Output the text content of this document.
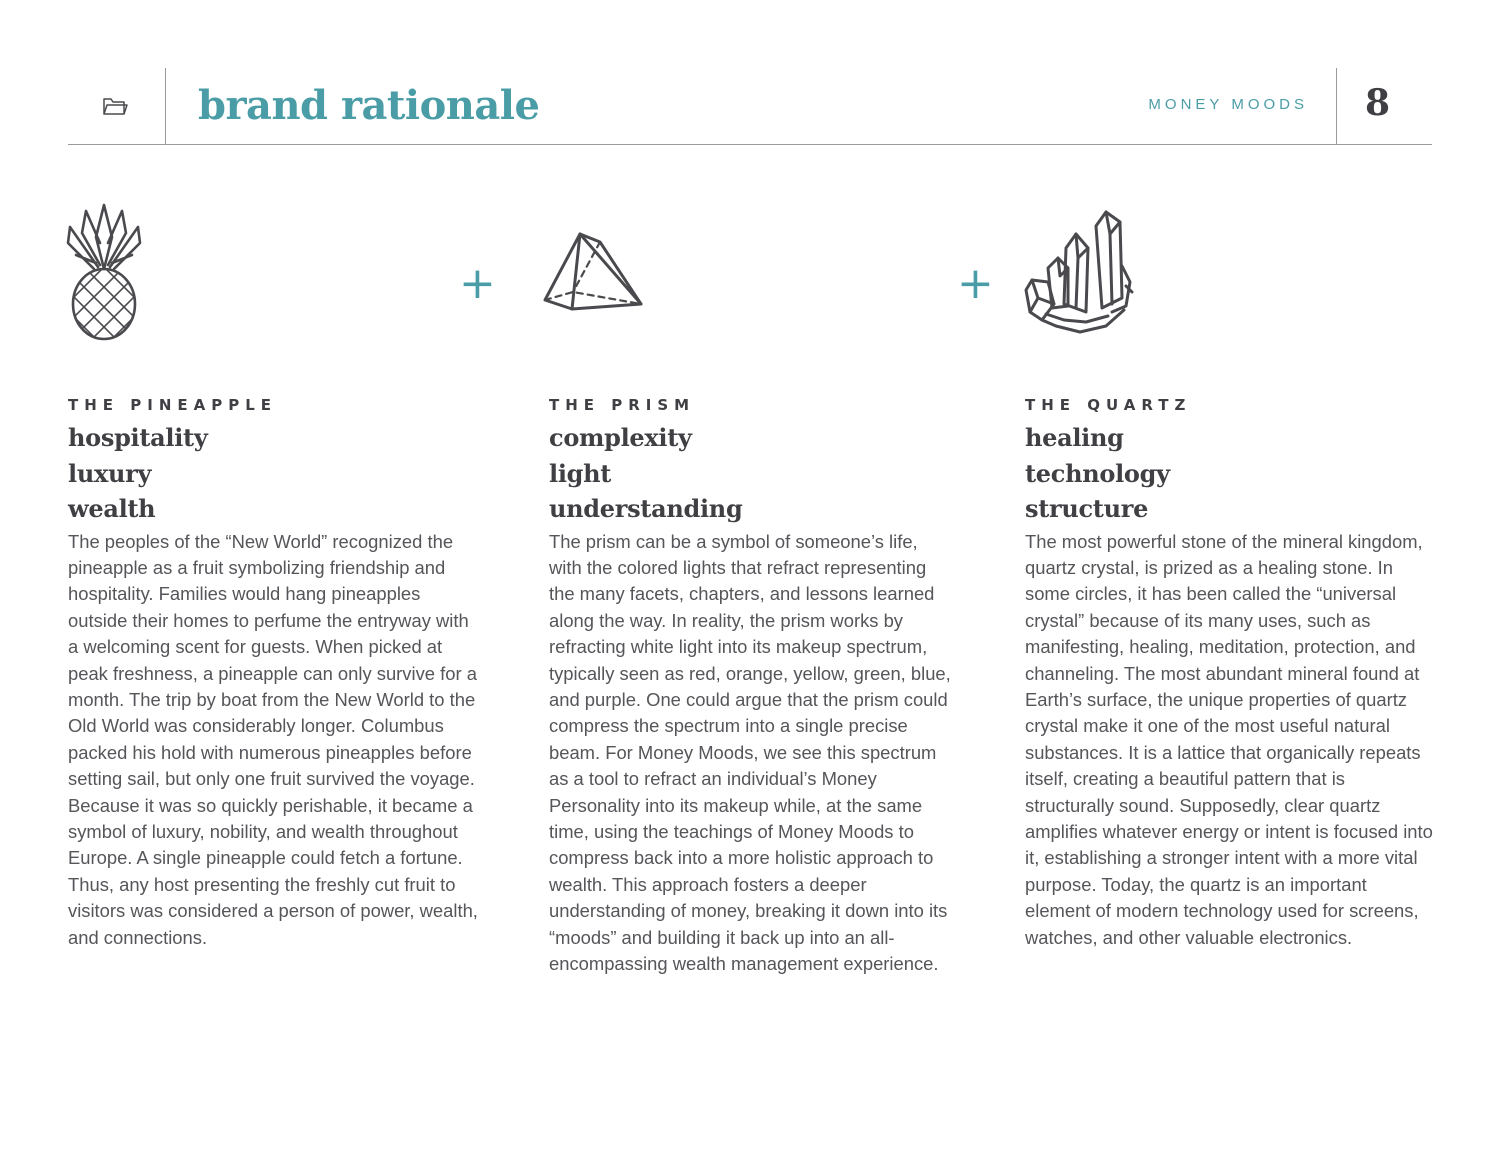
brand rationale	MONEY MOODS 8
+	+
THE PINEAPPLE
hospitality
luxury
wealth

The peoples of the “New World” recognized the pineapple as a fruit symbolizing friendship and hospitality. Families would hang pineapples outside their homes to perfume the entryway with a welcoming scent for guests. When picked at peak freshness, a pineapple can only survive for a month. The trip by boat from the New World to the Old World was considerably longer. Columbus packed his hold with numerous pineapples before setting sail, but only one fruit survived the voyage. Because it was so quickly perishable, it became a symbol of luxury, nobility, and wealth throughout Europe. A single pineapple could fetch a fortune. Thus, any host presenting the freshly cut fruit to visitors was considered a person of power, wealth, and connections.

THE PRISM
complexity
light
understanding

The prism can be a symbol of someone’s life, with the colored lights that refract representing the many facets, chapters, and lessons learned along the way. In reality, the prism works by refracting white light into its makeup spectrum, typically seen as red, orange, yellow, green, blue, and purple. One could argue that the prism could compress the spectrum into a single precise beam. For Money Moods, we see this spectrum as a tool to refract an individual’s Money Personality into its makeup while, at the same time, using the teachings of Money Moods to compress back into a more holistic approach to wealth. This approach fosters a deeper understanding of money, breaking it down into its “moods” and building it back up into an all-encompassing wealth management experience.

THE QUARTZ
healing
technology
structure

The most powerful stone of the mineral kingdom, quartz crystal, is prized as a healing stone. In some circles, it has been called the “universal crystal” because of its many uses, such as manifesting, healing, meditation, protection, and channeling. The most abundant mineral found at Earth’s surface, the unique properties of quartz crystal make it one of the most useful natural substances. It is a lattice that organically repeats itself, creating a beautiful pattern that is structurally sound. Supposedly, clear quartz amplifies whatever energy or intent is focused into it, establishing a stronger intent with a more vital purpose. Today, the quartz is an important element of modern technology used for screens, watches, and other valuable electronics.
